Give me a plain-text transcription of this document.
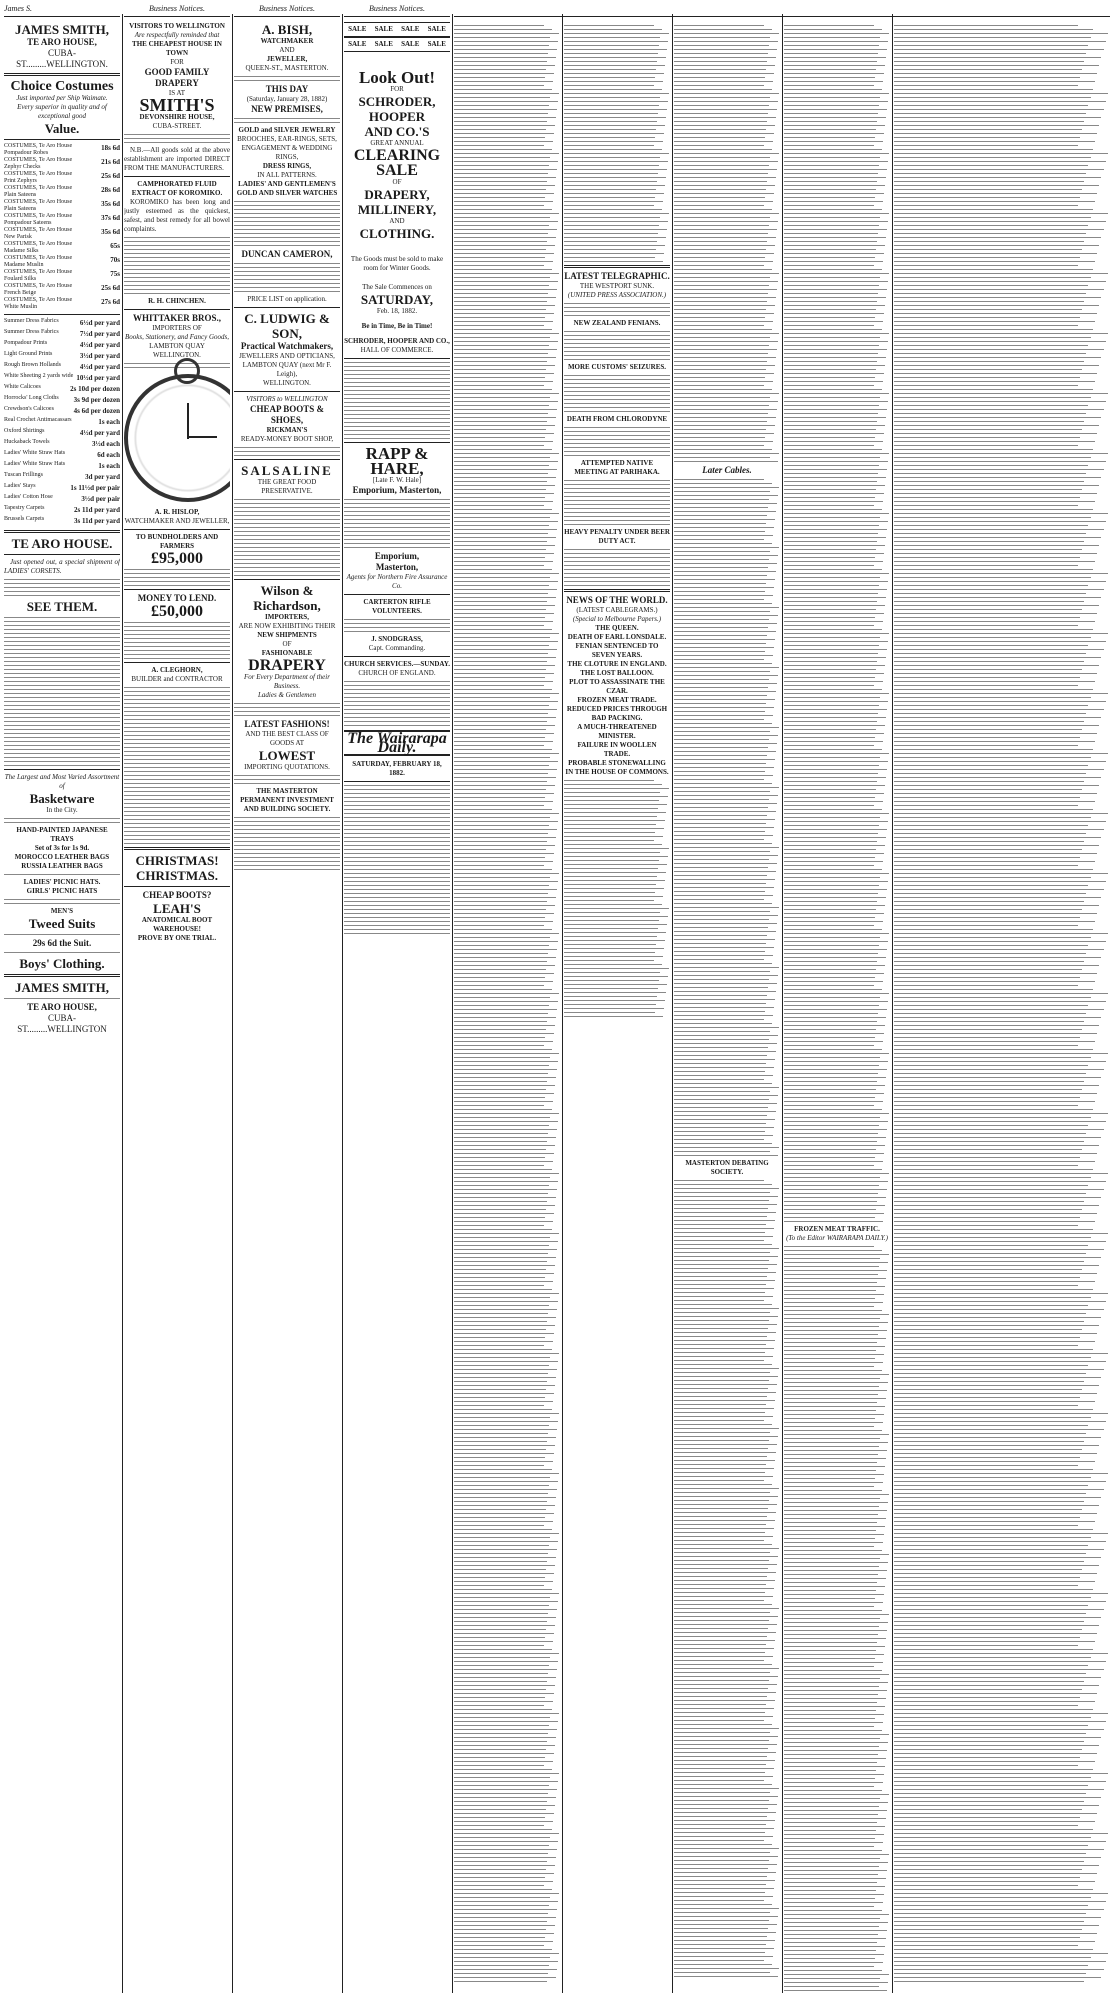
James S.	Business Notices.	Business Notices.	Business Notices.
JAMES SMITH,
TE ARO HOUSE,
CUBA-ST.........WELLINGTON.
Choice Costumes
Just imported per Ship Waimate.
Every superior in quality and of exceptional good
Value.
COSTUMES, Te Aro House Pompadour Robes
18s 6d
COSTUMES, Te Aro House Zephyr Checks
21s 6d
COSTUMES, Te Aro House Print Zephyrs
25s 6d
COSTUMES, Te Aro House Plain Sateens
28s 6d
COSTUMES, Te Aro House Plain Sateens
35s 6d
COSTUMES, Te Aro House Pompadour Sateens
37s 6d
COSTUMES, Te Aro House New Parisk
35s 6d
COSTUMES, Te Aro House Madame Silks
65s
COSTUMES, Te Aro House Madame Muslin
70s
COSTUMES, Te Aro House Foulard Silks
75s
COSTUMES, Te Aro House French Beige
25s 6d
COSTUMES, Te Aro House White Muslin
27s 6d
Summer Dress Fabrics	6½d per yard
Summer Dress Fabrics	7½d per yard
Pompadour Prints	4½d per yard
Light Ground Prints	3½d per yard
Rough Brown Hollands	4½d per yard
White Sheeting 2 yards wide 10½d per yard
White Calicoes	2s 10d per dozen
Horrocks' Long Cloths 3s 9d per dozen
Crewdson's Calicoes	4s 6d per dozen
Real Crochet Antimacassars	1s each
Oxford Shirtings	4½d per yard
Huckaback Towels	3½d each
Ladies' White Straw Hats	6d each
Ladies' White Straw Hats	1s each
Tuscan Frillings	3d per yard
Ladies' Stays	1s 11½d per pair
Ladies' Cotton Hose	3½d per pair
Tapestry Carpets	2s 11d per yard
Brussels Carpets	3s 11d per yard
TE ARO HOUSE.

Just opened out, a special shipment of LADIES' CORSETS.

SEE THEM.
The Largest and Most Varied Assortment of
Basketware
In the City.
HAND-PAINTED JAPANESE TRAYS
Set of 3s for 1s 9d.
MOROCCO LEATHER BAGS
RUSSIA LEATHER BAGS
LADIES' PICNIC HATS.
GIRLS' PICNIC HATS
MEN'S
Tweed Suits
29s 6d the Suit.
Boys' Clothing.
JAMES SMITH,
TE ARO HOUSE,
CUBA-ST.........WELLINGTON
VISITORS TO WELLINGTON
Are respectfully reminded that
THE CHEAPEST HOUSE IN TOWN
FOR
GOOD FAMILY DRAPERY
IS AT
SMITH'S
DEVONSHIRE HOUSE,
CUBA-STREET.

N.B.—All goods sold at the above establishment are imported DIRECT FROM THE MANUFACTURERS.

CAMPHORATED FLUID EXTRACT OF KOROMIKO.

KOROMIKO has been long and justly esteemed as the quickest, safest, and best remedy for all bowel complaints.

R. H. CHINCHEN.
WHITTAKER BROS.,
IMPORTERS OF
Books, Stationery, and Fancy Goods,
LAMBTON QUAY
WELLINGTON.
A. R. HISLOP,
WATCHMAKER AND JEWELLER,
TO BUNDHOLDERS AND FARMERS
£95,000
MONEY TO LEND.
£50,000
A. CLEGHORN,
BUILDER and CONTRACTOR
CHRISTMAS!
CHRISTMAS.
CHEAP BOOTS?
LEAH'S
ANATOMICAL BOOT WAREHOUSE!
PROVE BY ONE TRIAL.
A. BISH,
WATCHMAKER
AND
JEWELLER,
QUEEN-ST., MASTERTON.
THIS DAY
(Saturday, January 28, 1882)
NEW PREMISES,
GOLD and SILVER JEWELRY
BROOCHES, EAR-RINGS, SETS,
ENGAGEMENT & WEDDING RINGS,
DRESS RINGS,
IN ALL PATTERNS.
LADIES' AND GENTLEMEN'S GOLD AND SILVER WATCHES
DUNCAN CAMERON,
PRICE LIST on application.
C. LUDWIG & SON,
Practical Watchmakers,
JEWELLERS AND OPTICIANS,
LAMBTON QUAY (next Mr F. Leigh),
WELLINGTON.
VISITORS to WELLINGTON
CHEAP BOOTS & SHOES,
RICKMAN'S
READY-MONEY BOOT SHOP,
SALSALINE
THE GREAT FOOD PRESERVATIVE.
Wilson & Richardson,
IMPORTERS,
ARE NOW EXHIBITING THEIR
NEW SHIPMENTS
OF
FASHIONABLE
DRAPERY
For Every Department of their Business.
Ladies & Gentlemen
LATEST FASHIONS!
AND THE BEST CLASS OF GOODS AT
LOWEST
IMPORTING QUOTATIONS.
THE MASTERTON PERMANENT INVESTMENT AND BUILDING SOCIETY.
SALE	SALE	SALE	SALE
SALE	SALE	SALE	SALE
Look Out!
FOR
SCHRODER,
HOOPER
AND CO.'S
GREAT ANNUAL
CLEARING SALE
OF
DRAPERY,
MILLINERY,
AND
CLOTHING.
The Goods must be sold to make room for Winter Goods.
The Sale Commences on
SATURDAY,
Feb. 18, 1882.
Be in Time, Be in Time!
SCHRODER, HOOPER AND CO.,
HALL OF COMMERCE.
RAPP & HARE,
[Late F. W. Hale]
Emporium, Masterton,
Emporium,
Masterton,
Agents for Northern Fire Assurance Co.
CARTERTON RIFLE VOLUNTEERS.
J. SNODGRASS,
Capt. Commanding.
CHURCH SERVICES.—SUNDAY.
CHURCH OF ENGLAND.
The Wairarapa Daily.
SATURDAY, FEBRUARY 18, 1882.
LATEST TELEGRAPHIC.
THE WESTPORT SUNK.
(UNITED PRESS ASSOCIATION.)
NEW ZEALAND FENIANS.
MORE CUSTOMS' SEIZURES.
DEATH FROM CHLORODYNE
ATTEMPTED NATIVE MEETING AT PARIHAKA.
HEAVY PENALTY UNDER BEER DUTY ACT.
NEWS OF THE WORLD.
(LATEST CABLEGRAMS.)
(Special to Melbourne Papers.)
THE QUEEN.
DEATH OF EARL LONSDALE.
FENIAN SENTENCED TO SEVEN YEARS.
THE CLOTURE IN ENGLAND.
THE LOST BALLOON.
PLOT TO ASSASSINATE THE CZAR.
FROZEN MEAT TRADE.
REDUCED PRICES THROUGH BAD PACKING.
A MUCH-THREATENED MINISTER.
FAILURE IN WOOLLEN TRADE.
PROBABLE STONEWALLING IN THE HOUSE OF COMMONS.
Later Cables.
MASTERTON DEBATING SOCIETY.
FROZEN MEAT TRAFFIC.
(To the Editor WAIRARAPA DAILY.)
